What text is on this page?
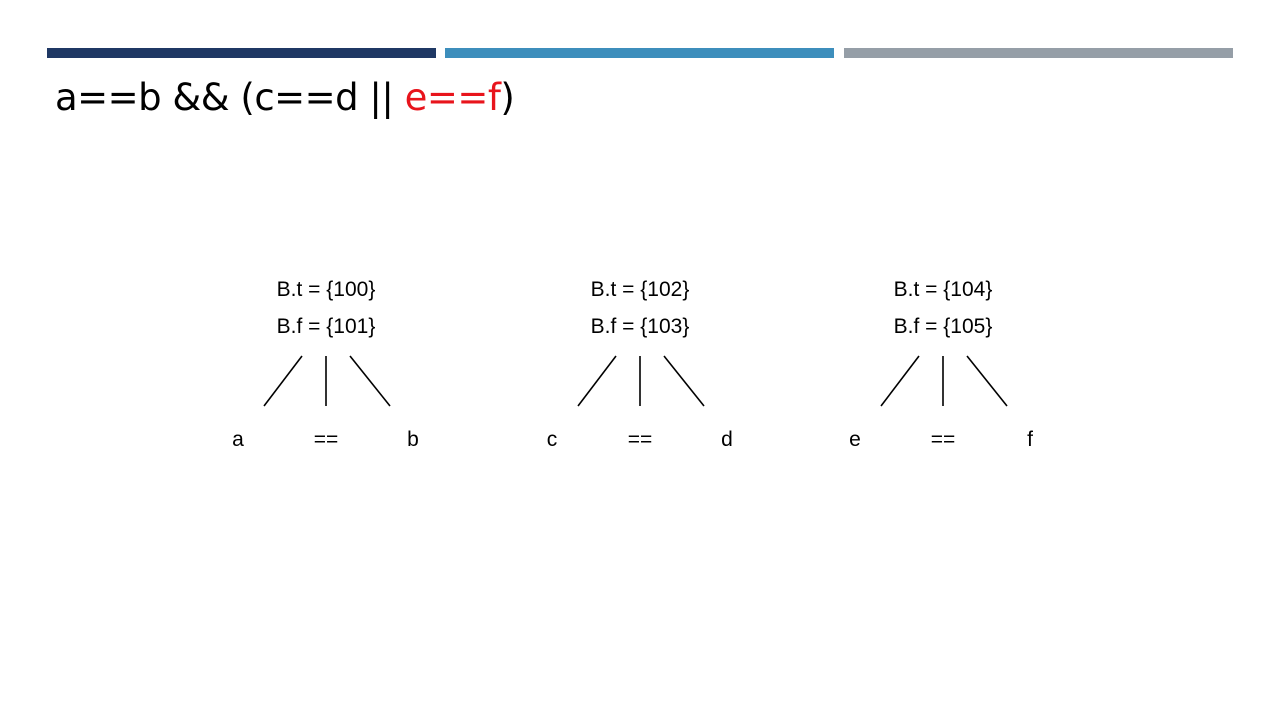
a==b && (c==d || e==f)
B.t = {100}
B.f = {101}
a	==	b
B.t = {102}
B.f = {103}
c	==	d
B.t = {104}
B.f = {105}
e	==	f
